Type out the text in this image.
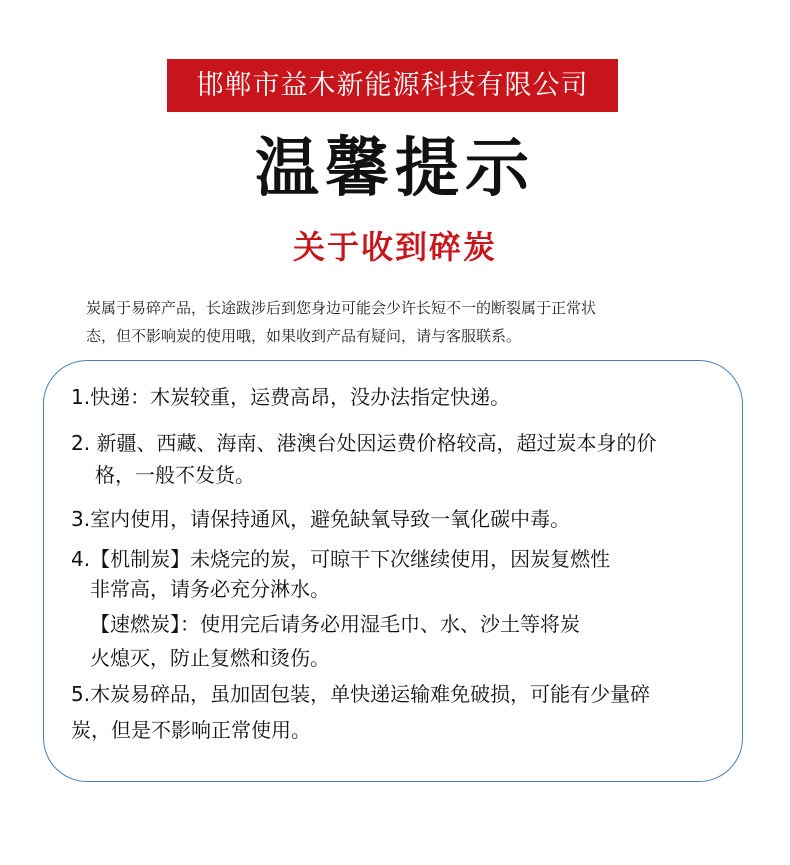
邯郸市益木新能源科技有限公司
温馨提示
关于收到碎炭

炭属于易碎产品，长途跋涉后到您身边可能会少许长短不一的断裂属于正常状

态，但不影响炭的使用哦，如果收到产品有疑问，请与客服联系。

1.快递：木炭较重，运费高昂，没办法指定快递。
2. 新疆、西藏、海南、港澳台处因运费价格较高，超过炭本身的价
格，一般不发货。
3.室内使用，请保持通风，避免缺氧导致一氧化碳中毒。
4.【机制炭】未烧完的炭，可晾干下次继续使用，因炭复燃性
非常高，请务必充分淋水。
【速燃炭】：使用完后请务必用湿毛巾、水、沙土等将炭
火熄灭，防止复燃和烫伤。
5.木炭易碎品，虽加固包装，单快递运输难免破损，可能有少量碎
炭，但是不影响正常使用。
